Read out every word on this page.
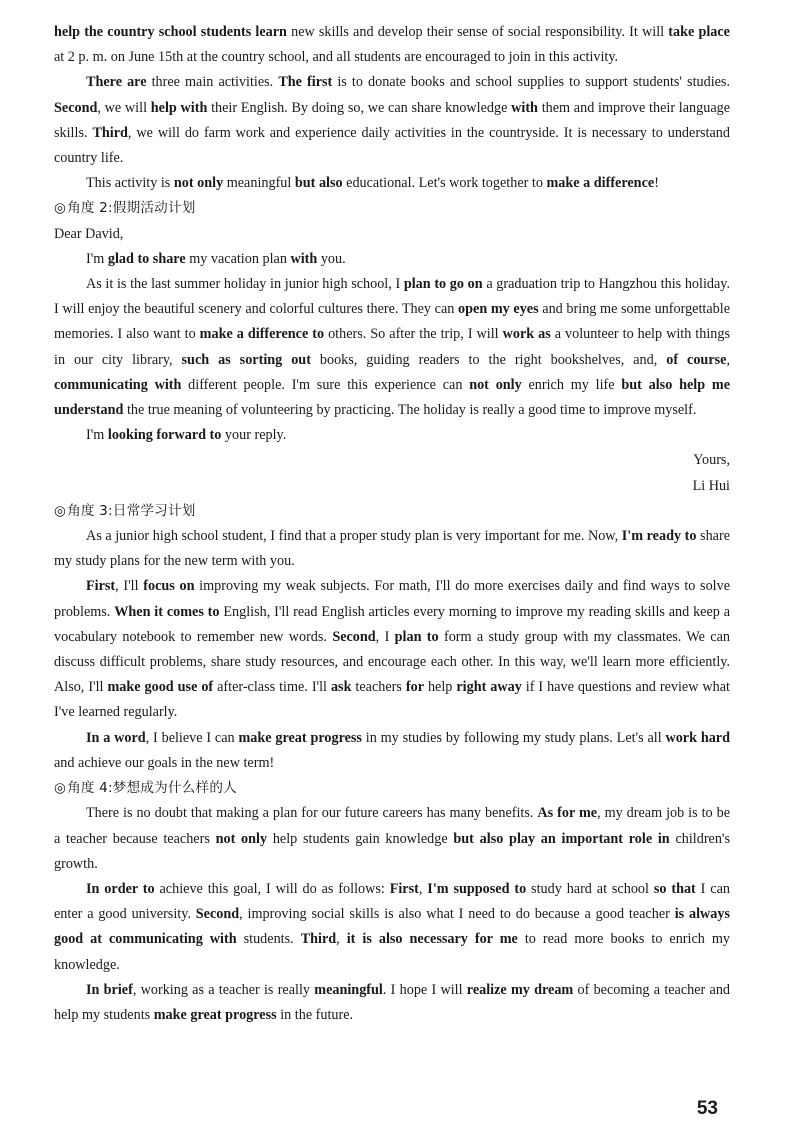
help the country school students learn new skills and develop their sense of social responsibility. It will take place at 2 p. m. on June 15th at the country school, and all students are encouraged to join in this activity.

There are three main activities. The first is to donate books and school supplies to support students' studies. Second, we will help with their English. By doing so, we can share knowledge with them and improve their language skills. Third, we will do farm work and experience daily activities in the countryside. It is necessary to understand country life.

This activity is not only meaningful but also educational. Let's work together to make a difference!

◎角度 2:假期活动计划

Dear David,

I'm glad to share my vacation plan with you.

As it is the last summer holiday in junior high school, I plan to go on a graduation trip to Hangzhou this holiday. I will enjoy the beautiful scenery and colorful cultures there. They can open my eyes and bring me some unforgettable memories. I also want to make a difference to others. So after the trip, I will work as a volunteer to help with things in our city library, such as sorting out books, guiding readers to the right bookshelves, and, of course, communicating with different people. I'm sure this experience can not only enrich my life but also help me understand the true meaning of volunteering by practicing. The holiday is really a good time to improve myself.

I'm looking forward to your reply.

Yours,

Li Hui

◎角度 3:日常学习计划

As a junior high school student, I find that a proper study plan is very important for me. Now, I'm ready to share my study plans for the new term with you.

First, I'll focus on improving my weak subjects. For math, I'll do more exercises daily and find ways to solve problems. When it comes to English, I'll read English articles every morning to improve my reading skills and keep a vocabulary notebook to remember new words. Second, I plan to form a study group with my classmates. We can discuss difficult problems, share study resources, and encourage each other. In this way, we'll learn more efficiently. Also, I'll make good use of after-class time. I'll ask teachers for help right away if I have questions and review what I've learned regularly.

In a word, I believe I can make great progress in my studies by following my study plans. Let's all work hard and achieve our goals in the new term!

◎角度 4:梦想成为什么样的人

There is no doubt that making a plan for our future careers has many benefits. As for me, my dream job is to be a teacher because teachers not only help students gain knowledge but also play an important role in children's growth.

In order to achieve this goal, I will do as follows: First, I'm supposed to study hard at school so that I can enter a good university. Second, improving social skills is also what I need to do because a good teacher is always good at communicating with students. Third, it is also necessary for me to read more books to enrich my knowledge.

In brief, working as a teacher is really meaningful. I hope I will realize my dream of becoming a teacher and help my students make great progress in the future.

53
